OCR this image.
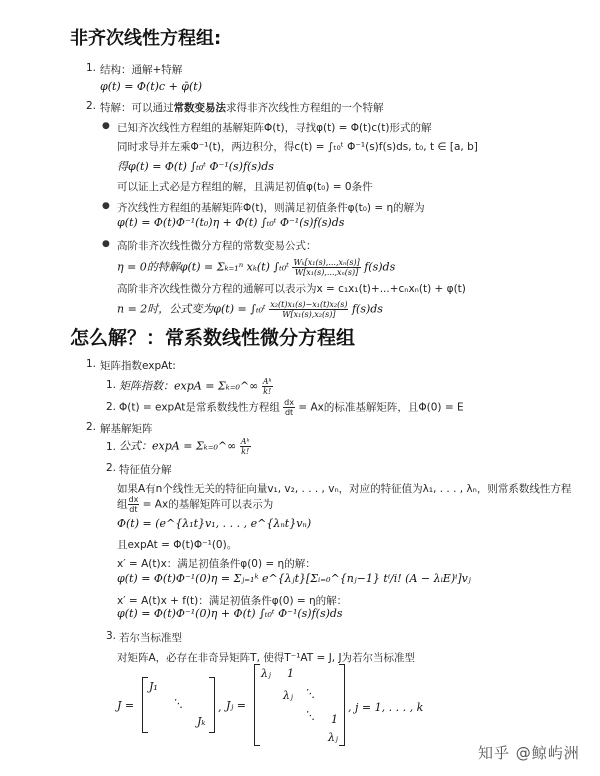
非齐次线性方程组:
1. 结构：通解+特解
φ(t) = Φ(t)c + φ̄(t)
2. 特解：可以通过常数变易法求得非齐次线性方程组的一个特解
● 已知齐次线性方程组的基解矩阵Φ(t)，寻找φ(t) = Φ(t)c(t)形式的解
同时求导并左乘Φ⁻¹(t)，两边积分，得c(t) = ∫ₜ₀ᵗ Φ⁻¹(s)f(s)ds, t₀, t ∈ [a, b]
得φ(t) = Φ(t) ∫ₜ₀ᵗ Φ⁻¹(s)f(s)ds
可以证上式必是方程组的解，且满足初值φ(t₀) = 0条件
● 齐次线性方程组的基解矩阵Φ(t)，则满足初值条件φ(t₀) = η的解为
φ(t) = Φ(t)Φ⁻¹(t₀)η + Φ(t) ∫ₜ₀ᵗ Φ⁻¹(s)f(s)ds
● 高阶非齐次线性微分方程的常数变易公式：
η = 0的特解φ(t) = Σₖ₌₁ⁿ xₖ(t) ∫ₜ₀ᵗ $\frac{\text{Wₖ[x₁(s),...,xₙ(s)]}}{\text{W[x₁(s),...,xₙ(s)]}} f(s)ds$
高阶非齐次线性微分方程的通解可以表示为x = c₁x₁(t)+...+cₙxₙ(t) + φ(t)
n = 2时，公式变为φ(t) = ∫ₜ₀ᵗ $\frac{\text{x₂(t)x₁(s)−x₁(t)x₂(s)}}{\text{W[x₁(s),x₂(s)]}} f(s)ds$
怎么解？：常系数线性微分方程组
1. 矩阵指数expAt:
1. 矩阵指数：expA = Σₖ₌₀^∞ $\frac{\text{Aᵏ}}{k!}$
2. Φ(t) = expAt是常系数线性方程组 $\frac{dx}{dt} = Ax$的标准基解矩阵，且Φ(0) = E
2. 解基解矩阵
1. 公式：expA = Σₖ₌₀^∞ $\frac{\text{Aᵏ}}{k!}$
2. 特征值分解
如果A有n个线性无关的特征向量v₁, v₂, . . . , vₙ，对应的特征值为λ₁, . . . , λₙ，则常系数线性方程
组 $\frac{dx}{dt} = Ax$的基解矩阵可以表示为
Φ(t) = (e^{λ₁t}v₁, . . . , e^{λₙt}vₙ)
且expAt = Φ(t)Φ⁻¹(0)。
x′ = A(t)x：满足初值条件φ(0) = η的解：
φ(t) = Φ(t)Φ⁻¹(0)η = Σⱼ₌₁ᵏ e^{λⱼt}[Σᵢ₌₀^{nⱼ−1} tⁱ/i! (A − λᵢE)ⁱ]vⱼ
x′ = A(t)x + f(t)：满足初值条件φ(0) = η的解：
φ(t) = Φ(t)Φ⁻¹(0)η + Φ(t) ∫ₜ₀ᵗ Φ⁻¹(s)f(s)ds
3. 若尔当标准型
对矩阵A，必存在非奇异矩阵T, 使得T⁻¹AT = J, J为若尔当标准型
J =
J₁
⋱
Jₖ
, Jⱼ =
λⱼ 1
λⱼ ⋱
⋱ 1
λⱼ
, j = 1, . . . , k
知乎 @鲸屿洲
